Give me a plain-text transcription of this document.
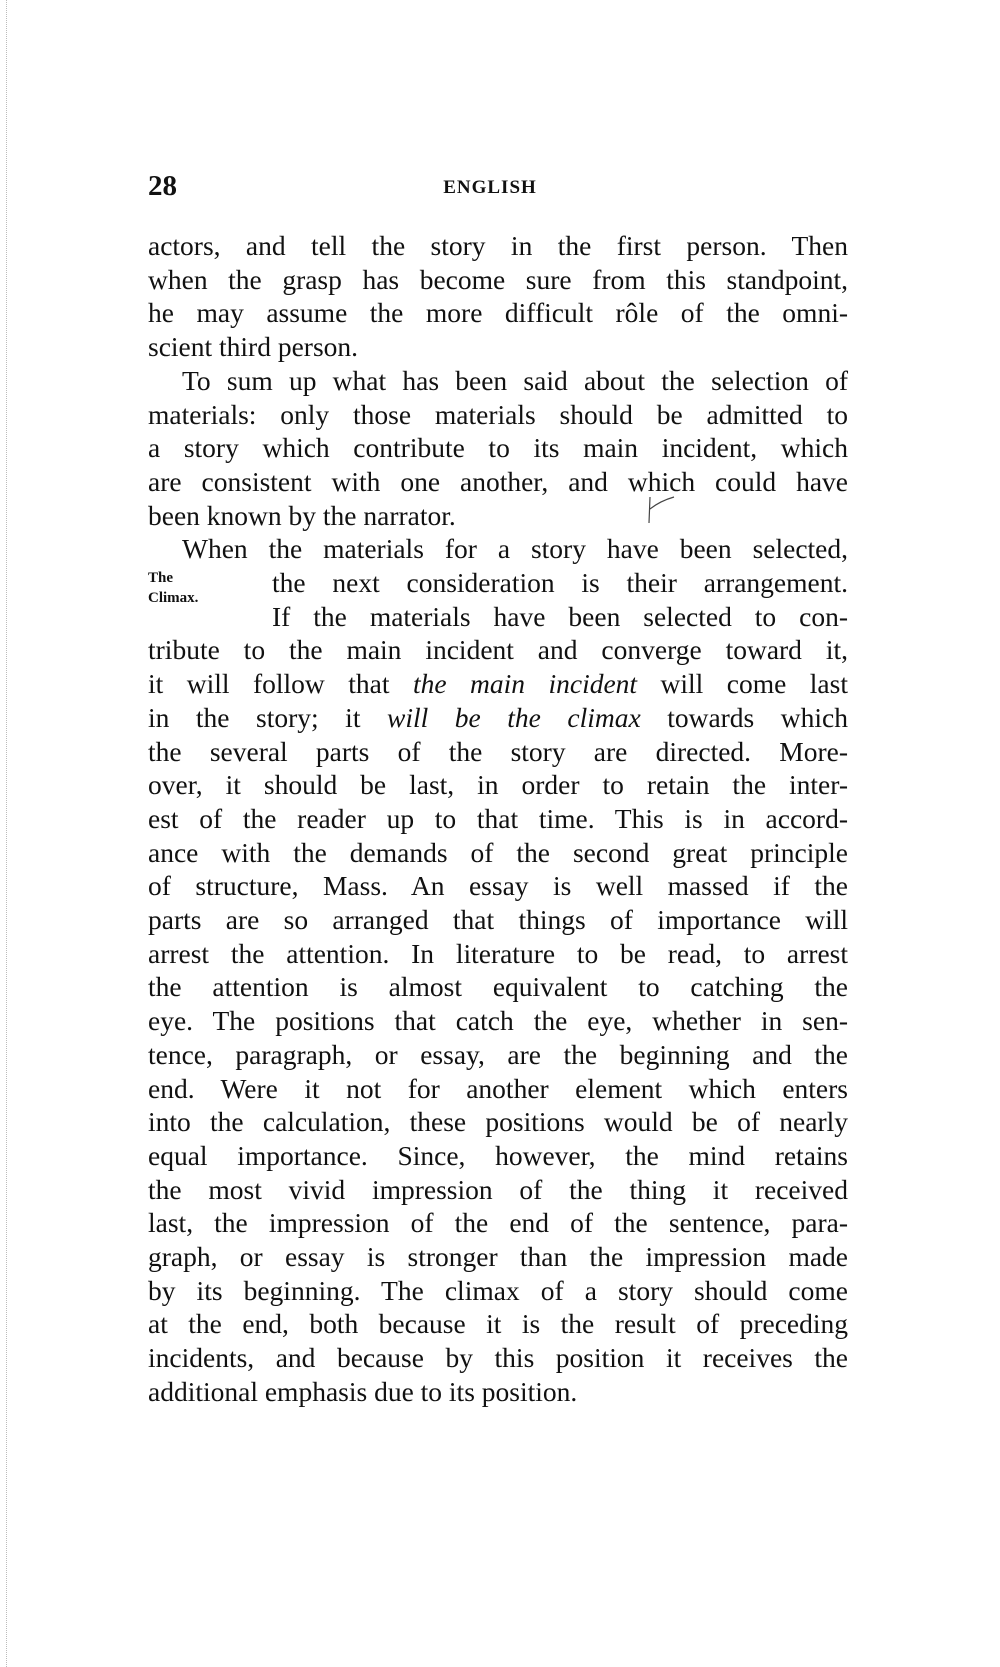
28	ENGLISH
The
Climax.
actors, and tell the story in the first person. Then
when the grasp has become sure from this standpoint,
he may assume the more difficult rôle of the omni-
scient third person.
To sum up what has been said about the selection of
materials: only those materials should be admitted to
a story which contribute to its main incident, which
are consistent with one another, and which could have
been known by the narrator.
When the materials for a story have been selected,
the next consideration is their arrangement.
If the materials have been selected to con-
tribute to the main incident and converge toward it,
it will follow that the main incident will come last
in the story; it will be the climax towards which
the several parts of the story are directed. More-
over, it should be last, in order to retain the inter-
est of the reader up to that time. This is in accord-
ance with the demands of the second great principle
of structure, Mass. An essay is well massed if the
parts are so arranged that things of importance will
arrest the attention. In literature to be read, to arrest
the attention is almost equivalent to catching the
eye. The positions that catch the eye, whether in sen-
tence, paragraph, or essay, are the beginning and the
end. Were it not for another element which enters
into the calculation, these positions would be of nearly
equal importance. Since, however, the mind retains
the most vivid impression of the thing it received
last, the impression of the end of the sentence, para-
graph, or essay is stronger than the impression made
by its beginning. The climax of a story should come
at the end, both because it is the result of preceding
incidents, and because by this position it receives the
additional emphasis due to its position.
